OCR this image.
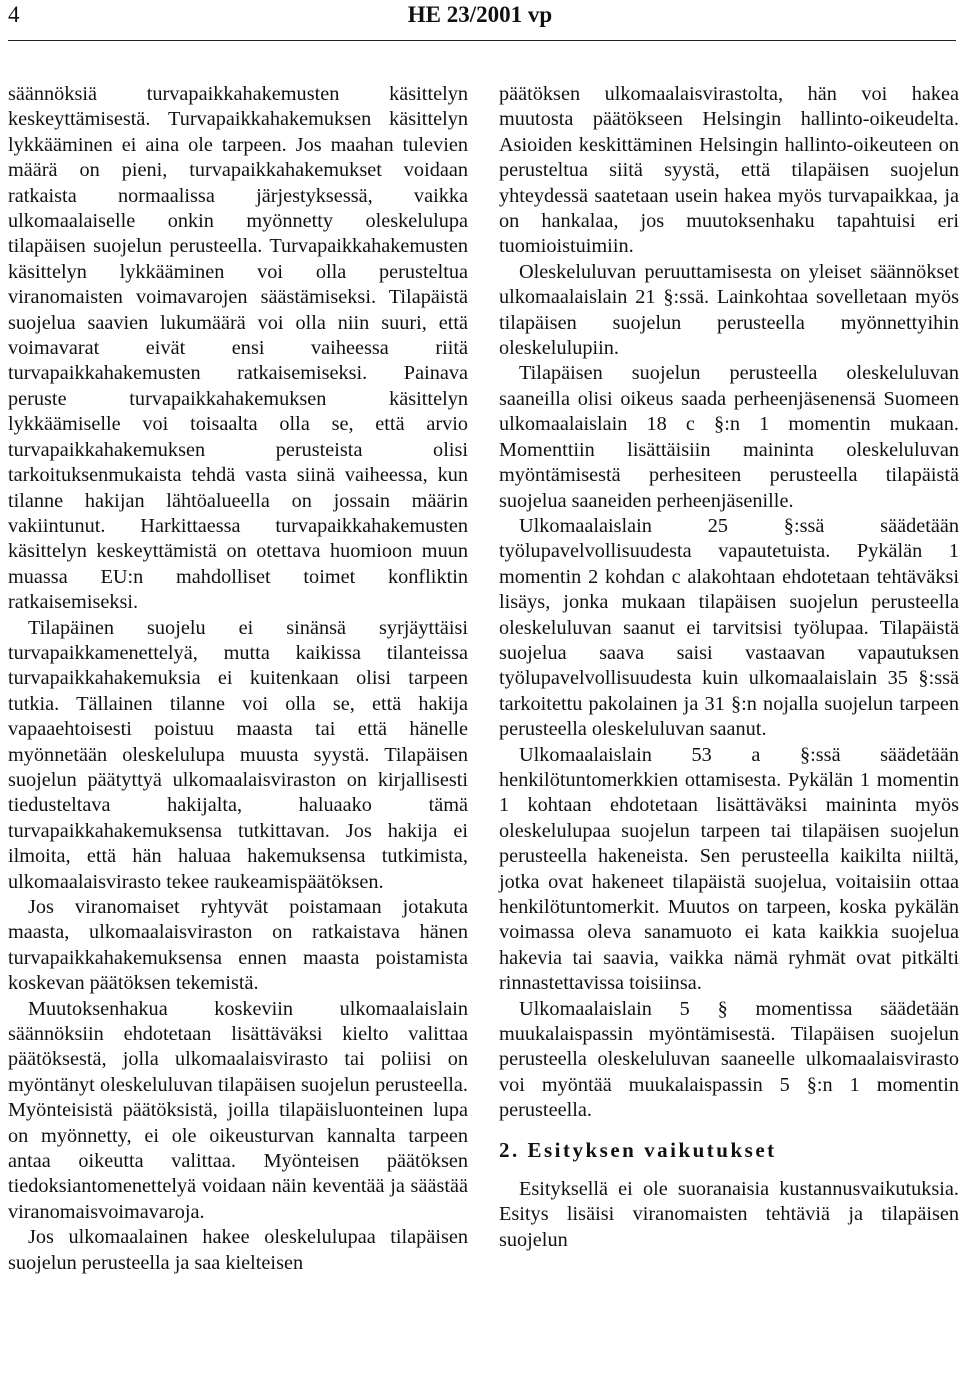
4	HE 23/2001 vp

säännöksiä turvapaikkahakemusten käsittelyn keskeyttämisestä. Turvapaikkahakemuksen käsittelyn lykkääminen ei aina ole tarpeen. Jos maahan tulevien määrä on pieni, turvapaikkahakemukset voidaan ratkaista normaalissa järjestyksessä, vaikka ulkomaalaiselle onkin myönnetty oleskelulupa tilapäisen suojelun perusteella. Turvapaikkahakemusten käsittelyn lykkääminen voi olla perusteltua viranomaisten voimavarojen säästämiseksi. Tilapäistä suojelua saavien lukumäärä voi olla niin suuri, että voimavarat eivät ensi vaiheessa riitä turvapaikkahakemusten ratkaisemiseksi. Painava peruste turvapaikkahakemuksen käsittelyn lykkäämiselle voi toisaalta olla se, että arvio turvapaikkahakemuksen perusteista olisi tarkoituksenmukaista tehdä vasta siinä vaiheessa, kun tilanne hakijan lähtöalueella on jossain määrin vakiintunut. Harkittaessa turvapaikkahakemusten käsittelyn keskeyttämistä on otettava huomioon muun muassa EU:n mahdolliset toimet konfliktin ratkaisemiseksi.

Tilapäinen suojelu ei sinänsä syrjäyttäisi turvapaikkamenettelyä, mutta kaikissa tilanteissa turvapaikkahakemuksia ei kuitenkaan olisi tarpeen tutkia. Tällainen tilanne voi olla se, että hakija vapaaehtoisesti poistuu maasta tai että hänelle myönnetään oleskelulupa muusta syystä. Tilapäisen suojelun päätyttyä ulkomaalaisviraston on kirjallisesti tiedusteltava hakijalta, haluaako tämä turvapaikkahakemuksensa tutkittavan. Jos hakija ei ilmoita, että hän haluaa hakemuksensa tutkimista, ulkomaalaisvirasto tekee raukeamispäätöksen.

Jos viranomaiset ryhtyvät poistamaan jotakuta maasta, ulkomaalaisviraston on ratkaistava hänen turvapaikkahakemuksensa ennen maasta poistamista koskevan päätöksen tekemistä.

Muutoksenhakua koskeviin ulkomaalaislain säännöksiin ehdotetaan lisättäväksi kielto valittaa päätöksestä, jolla ulkomaalaisvirasto tai poliisi on myöntänyt oleskeluluvan tilapäisen suojelun perusteella. Myönteisistä päätöksistä, joilla tilapäisluonteinen lupa on myönnetty, ei ole oikeusturvan kannalta tarpeen antaa oikeutta valittaa. Myönteisen päätöksen tiedoksiantomenettelyä voidaan näin keventää ja säästää viranomaisvoimavaroja.

Jos ulkomaalainen hakee oleskelulupaa tilapäisen suojelun perusteella ja saa kielteisen

päätöksen ulkomaalaisvirastolta, hän voi hakea muutosta päätökseen Helsingin hallinto-oikeudelta. Asioiden keskittäminen Helsingin hallinto-oikeuteen on perusteltua siitä syystä, että tilapäisen suojelun yhteydessä saatetaan usein hakea myös turvapaikkaa, ja on hankalaa, jos muutoksenhaku tapahtuisi eri tuomioistuimiin.

Oleskeluluvan peruuttamisesta on yleiset säännökset ulkomaalaislain 21 §:ssä. Lainkohtaa sovelletaan myös tilapäisen suojelun perusteella myönnettyihin oleskelulupiin.

Tilapäisen suojelun perusteella oleskeluluvan saaneilla olisi oikeus saada perheenjäsenensä Suomeen ulkomaalaislain 18 c §:n 1 momentin mukaan. Momenttiin lisättäisiin maininta oleskeluluvan myöntämisestä perhesiteen perusteella tilapäistä suojelua saaneiden perheenjäsenille.

Ulkomaalaislain 25 §:ssä säädetään työlupavelvollisuudesta vapautetuista. Pykälän 1 momentin 2 kohdan c alakohtaan ehdotetaan tehtäväksi lisäys, jonka mukaan tilapäisen suojelun perusteella oleskeluluvan saanut ei tarvitsisi työlupaa. Tilapäistä suojelua saava saisi vastaavan vapautuksen työlupavelvollisuudesta kuin ulkomaalaislain 35 §:ssä tarkoitettu pakolainen ja 31 §:n nojalla suojelun tarpeen perusteella oleskeluluvan saanut.

Ulkomaalaislain 53 a §:ssä säädetään henkilötuntomerkkien ottamisesta. Pykälän 1 momentin 1 kohtaan ehdotetaan lisättäväksi maininta myös oleskelulupaa suojelun tarpeen tai tilapäisen suojelun perusteella hakeneista. Sen perusteella kaikilta niiltä, jotka ovat hakeneet tilapäistä suojelua, voitaisiin ottaa henkilötuntomerkit. Muutos on tarpeen, koska pykälän voimassa oleva sanamuoto ei kata kaikkia suojelua hakevia tai saavia, vaikka nämä ryhmät ovat pitkälti rinnastettavissa toisiinsa.

Ulkomaalaislain 5 § momentissa säädetään muukalaispassin myöntämisestä. Tilapäisen suojelun perusteella oleskeluluvan saaneelle ulkomaalaisvirasto voi myöntää muukalaispassin 5 §:n 1 momentin perusteella.

2. Esityksen vaikutukset

Esityksellä ei ole suoranaisia kustannusvaikutuksia. Esitys lisäisi viranomaisten tehtäviä ja tilapäisen suojelun
